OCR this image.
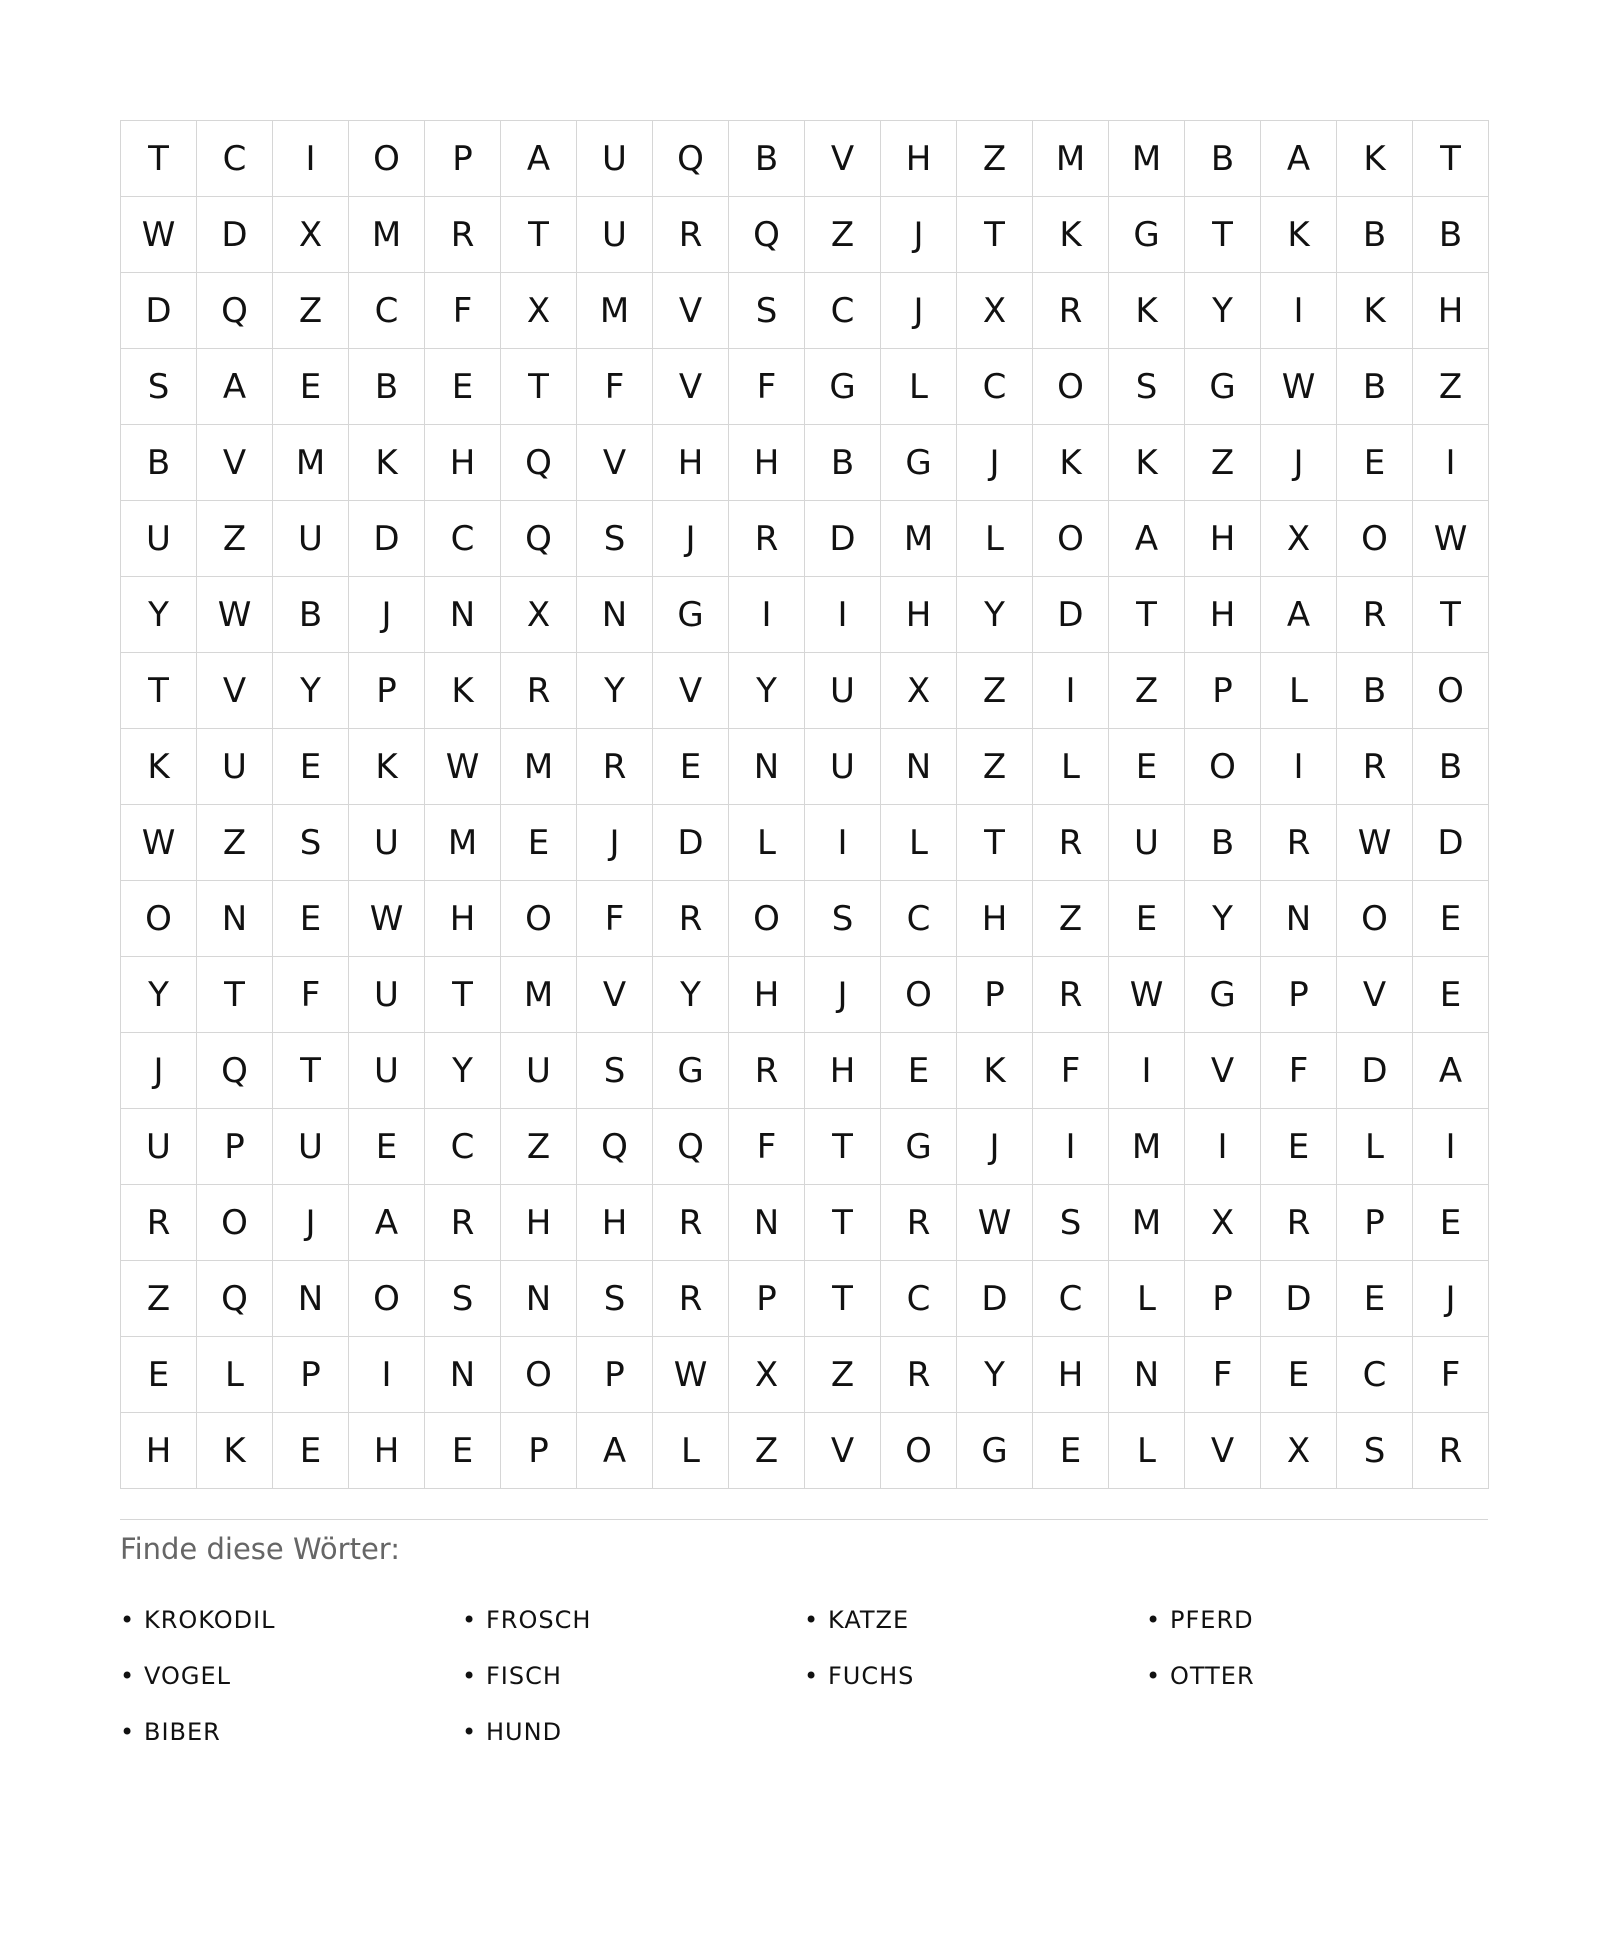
T	C	I	O	P	A	U	Q	B	V	H	Z	M	M	B	A	K	T
W	D	X	M	R	T	U	R	Q	Z	J	T	K	G	T	K	B	B
D	Q	Z	C	F	X	M	V	S	C	J	X	R	K	Y	I	K	H
S	A	E	B	E	T	F	V	F	G	L	C	O	S	G	W	B	Z
B	V	M	K	H	Q	V	H	H	B	G	J	K	K	Z	J	E	I
U	Z	U	D	C	Q	S	J	R	D	M	L	O	A	H	X	O	W
Y	W	B	J	N	X	N	G	I	I	H	Y	D	T	H	A	R	T
T	V	Y	P	K	R	Y	V	Y	U	X	Z	I	Z	P	L	B	O
K	U	E	K	W	M	R	E	N	U	N	Z	L	E	O	I	R	B
W	Z	S	U	M	E	J	D	L	I	L	T	R	U	B	R	W	D
O	N	E	W	H	O	F	R	O	S	C	H	Z	E	Y	N	O	E
Y	T	F	U	T	M	V	Y	H	J	O	P	R	W	G	P	V	E
J	Q	T	U	Y	U	S	G	R	H	E	K	F	I	V	F	D	A
U	P	U	E	C	Z	Q	Q	F	T	G	J	I	M	I	E	L	I
R	O	J	A	R	H	H	R	N	T	R	W	S	M	X	R	P	E
Z	Q	N	O	S	N	S	R	P	T	C	D	C	L	P	D	E	J
E	L	P	I	N	O	P	W	X	Z	R	Y	H	N	F	E	C	F
H	K	E	H	E	P	A	L	Z	V	O	G	E	L	V	X	S	R
Finde diese Wörter:
• KROKODIL	• FROSCH	• KATZE	• PFERD
• VOGEL	• FISCH	• FUCHS	• OTTER
• BIBER	• HUND
